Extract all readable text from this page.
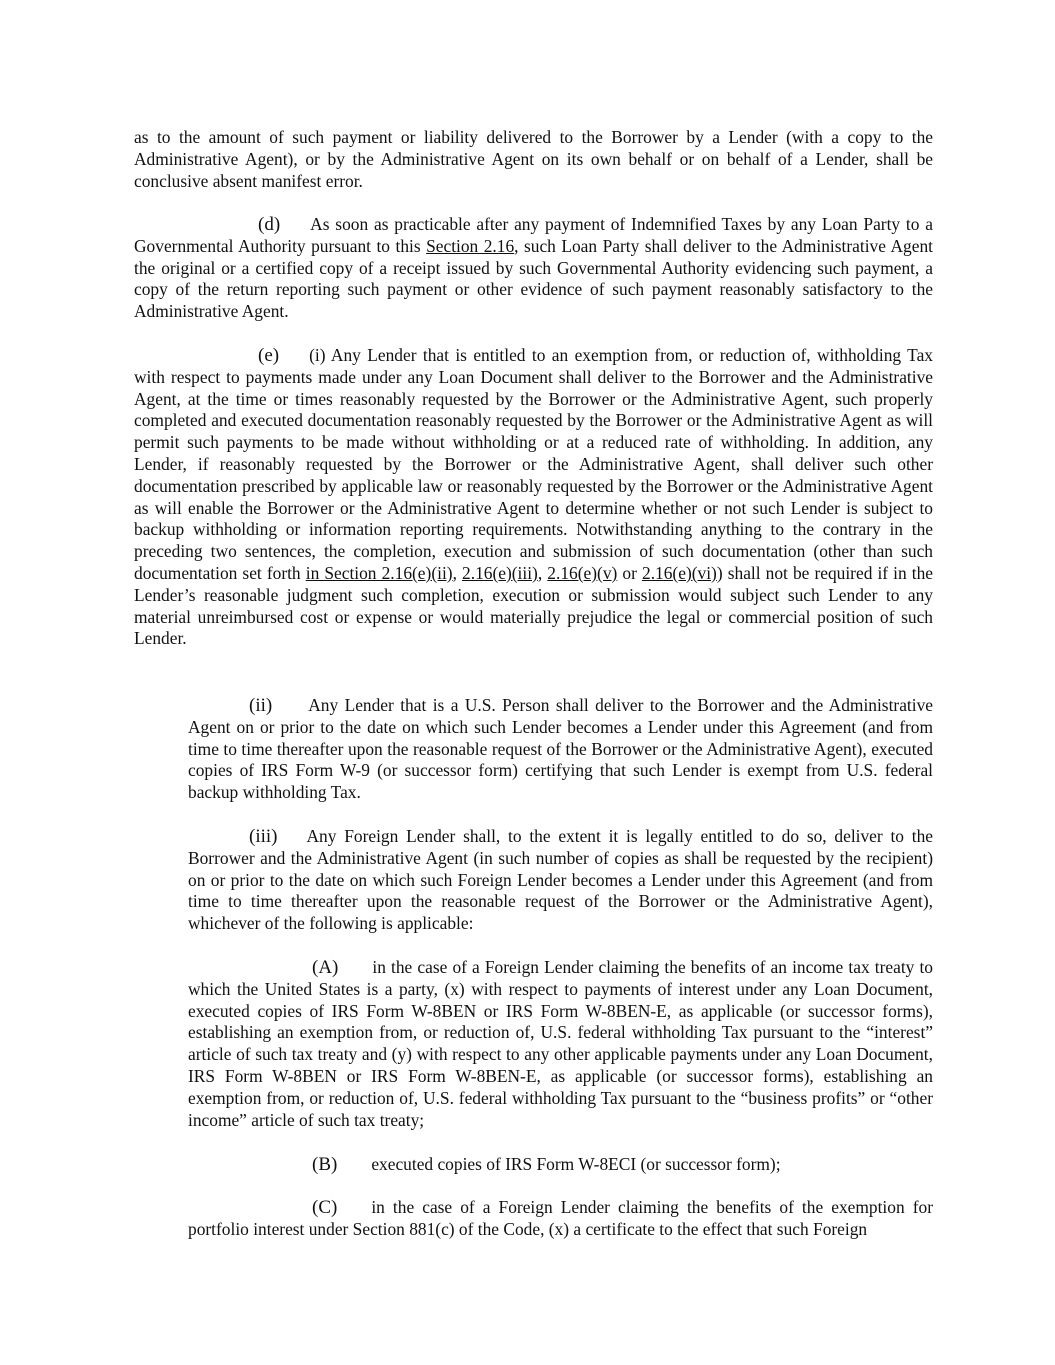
as to the amount of such payment or liability delivered to the Borrower by a Lender (with a copy to the Administrative Agent), or by the Administrative Agent on its own behalf or on behalf of a Lender, shall be conclusive absent manifest error.

(d) As soon as practicable after any payment of Indemnified Taxes by any Loan Party to a Governmental Authority pursuant to this Section 2.16, such Loan Party shall deliver to the Administrative Agent the original or a certified copy of a receipt issued by such Governmental Authority evidencing such payment, a copy of the return reporting such payment or other evidence of such payment reasonably satisfactory to the Administrative Agent.

(e) (i) Any Lender that is entitled to an exemption from, or reduction of, withholding Tax with respect to payments made under any Loan Document shall deliver to the Borrower and the Administrative Agent, at the time or times reasonably requested by the Borrower or the Administrative Agent, such properly completed and executed documentation reasonably requested by the Borrower or the Administrative Agent as will permit such payments to be made without withholding or at a reduced rate of withholding. In addition, any Lender, if reasonably requested by the Borrower or the Administrative Agent, shall deliver such other documentation prescribed by applicable law or reasonably requested by the Borrower or the Administrative Agent as will enable the Borrower or the Administrative Agent to determine whether or not such Lender is subject to backup withholding or information reporting requirements. Notwithstanding anything to the contrary in the preceding two sentences, the completion, execution and submission of such documentation (other than such documentation set forth in Section 2.16(e)(ii), 2.16(e)(iii), 2.16(e)(v) or 2.16(e)(vi)) shall not be required if in the Lender’s reasonable judgment such completion, execution or submission would subject such Lender to any material unreimbursed cost or expense or would materially prejudice the legal or commercial position of such Lender.

(ii) Any Lender that is a U.S. Person shall deliver to the Borrower and the Administrative Agent on or prior to the date on which such Lender becomes a Lender under this Agreement (and from time to time thereafter upon the reasonable request of the Borrower or the Administrative Agent), executed copies of IRS Form W-9 (or successor form) certifying that such Lender is exempt from U.S. federal backup withholding Tax.

(iii) Any Foreign Lender shall, to the extent it is legally entitled to do so, deliver to the Borrower and the Administrative Agent (in such number of copies as shall be requested by the recipient) on or prior to the date on which such Foreign Lender becomes a Lender under this Agreement (and from time to time thereafter upon the reasonable request of the Borrower or the Administrative Agent), whichever of the following is applicable:

(A) in the case of a Foreign Lender claiming the benefits of an income tax treaty to which the United States is a party, (x) with respect to payments of interest under any Loan Document, executed copies of IRS Form W-8BEN or IRS Form W-8BEN-E, as applicable (or successor forms), establishing an exemption from, or reduction of, U.S. federal withholding Tax pursuant to the “interest” article of such tax treaty and (y) with respect to any other applicable payments under any Loan Document, IRS Form W-8BEN or IRS Form W-8BEN-E, as applicable (or successor forms), establishing an exemption from, or reduction of, U.S. federal withholding Tax pursuant to the “business profits” or “other income” article of such tax treaty;

(B) executed copies of IRS Form W-8ECI (or successor form);

(C) in the case of a Foreign Lender claiming the benefits of the exemption for portfolio interest under Section 881(c) of the Code, (x) a certificate to the effect that such Foreign
